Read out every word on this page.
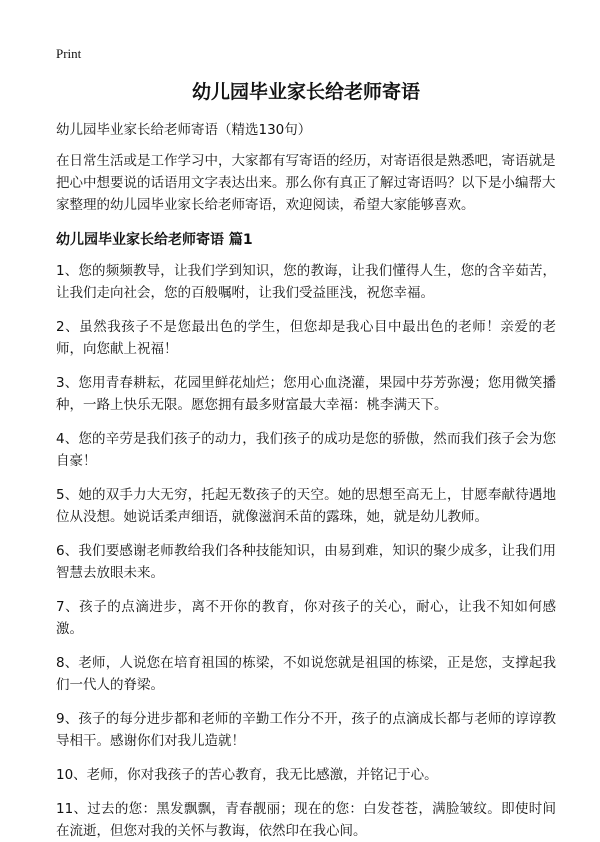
Print
幼儿园毕业家长给老师寄语

幼儿园毕业家长给老师寄语（精选130句）

在日常生活或是工作学习中，大家都有写寄语的经历，对寄语很是熟悉吧，寄语就是把心中想要说的话语用文字表达出来。那么你有真正了解过寄语吗？以下是小编帮大家整理的幼儿园毕业家长给老师寄语，欢迎阅读，希望大家能够喜欢。

幼儿园毕业家长给老师寄语 篇1
1、您的频频教导，让我们学到知识，您的教诲，让我们懂得人生，您的含辛茹苦，让我们走向社会，您的百般嘱咐，让我们受益匪浅，祝您幸福。
2、虽然我孩子不是您最出色的学生，但您却是我心目中最出色的老师！亲爱的老师，向您献上祝福！
3、您用青春耕耘，花园里鲜花灿烂；您用心血浇灌，果园中芬芳弥漫；您用微笑播种，一路上快乐无限。愿您拥有最多财富最大幸福：桃李满天下。
4、您的辛劳是我们孩子的动力，我们孩子的成功是您的骄傲，然而我们孩子会为您自豪！
5、她的双手力大无穷，托起无数孩子的天空。她的思想至高无上，甘愿奉献待遇地位从没想。她说话柔声细语，就像滋润禾苗的露珠，她，就是幼儿教师。
6、我们要感谢老师教给我们各种技能知识，由易到难，知识的聚少成多，让我们用智慧去放眼未来。
7、孩子的点滴进步，离不开你的教育，你对孩子的关心，耐心，让我不知如何感激。
8、老师，人说您在培育祖国的栋梁，不如说您就是祖国的栋梁，正是您，支撑起我们一代人的脊梁。
9、孩子的每分进步都和老师的辛勤工作分不开，孩子的点滴成长都与老师的谆谆教导相干。感谢你们对我儿造就！
10、老师，你对我孩子的苦心教育，我无比感激，并铭记于心。
11、过去的您：黑发飘飘，青春靓丽；现在的您：白发苍苍，满脸皱纹。即使时间在流逝，但您对我的关怀与教诲，依然印在我心间。
